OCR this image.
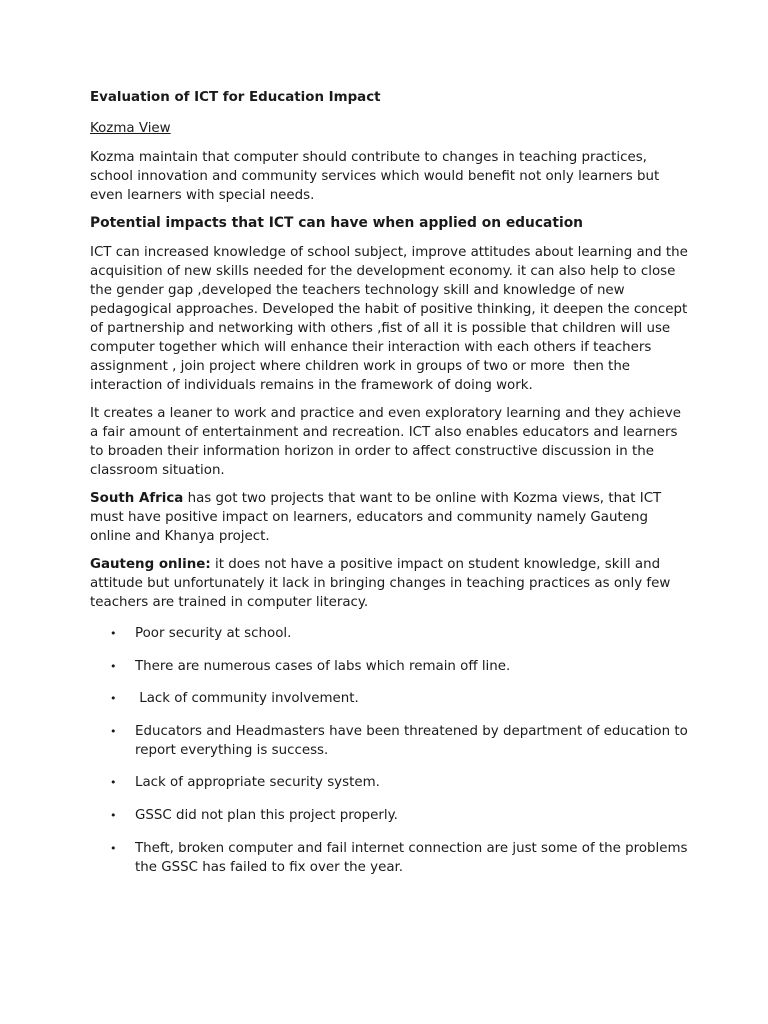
Evaluation of ICT for Education Impact
Kozma View

Kozma maintain that computer should contribute to changes in teaching practices, school innovation and community services which would benefit not only learners but even learners with special needs.

Potential impacts that ICT can have when applied on education

ICT can increased knowledge of school subject, improve attitudes about learning and the acquisition of new skills needed for the development economy. it can also help to close the gender gap ,developed the teachers technology skill and knowledge of new pedagogical approaches. Developed the habit of positive thinking, it deepen the concept of partnership and networking with others ,fist of all it is possible that children will use computer together which will enhance their interaction with each others if teachers assignment , join project where children work in groups of two or more  then the interaction of individuals remains in the framework of doing work.

It creates a leaner to work and practice and even exploratory learning and they achieve a fair amount of entertainment and recreation. ICT also enables educators and learners to broaden their information horizon in order to affect constructive discussion in the classroom situation.

South Africa has got two projects that want to be online with Kozma views, that ICT must have positive impact on learners, educators and community namely Gauteng online and Khanya project.

Gauteng online: it does not have a positive impact on student knowledge, skill and attitude but unfortunately it lack in bringing changes in teaching practices as only few teachers are trained in computer literacy.

• Poor security at school.
• There are numerous cases of labs which remain off line.
• Lack of community involvement.
• Educators and Headmasters have been threatened by department of education to report everything is success.
• Lack of appropriate security system.
• GSSC did not plan this project properly.
• Theft, broken computer and fail internet connection are just some of the problems the GSSC has failed to fix over the year.
